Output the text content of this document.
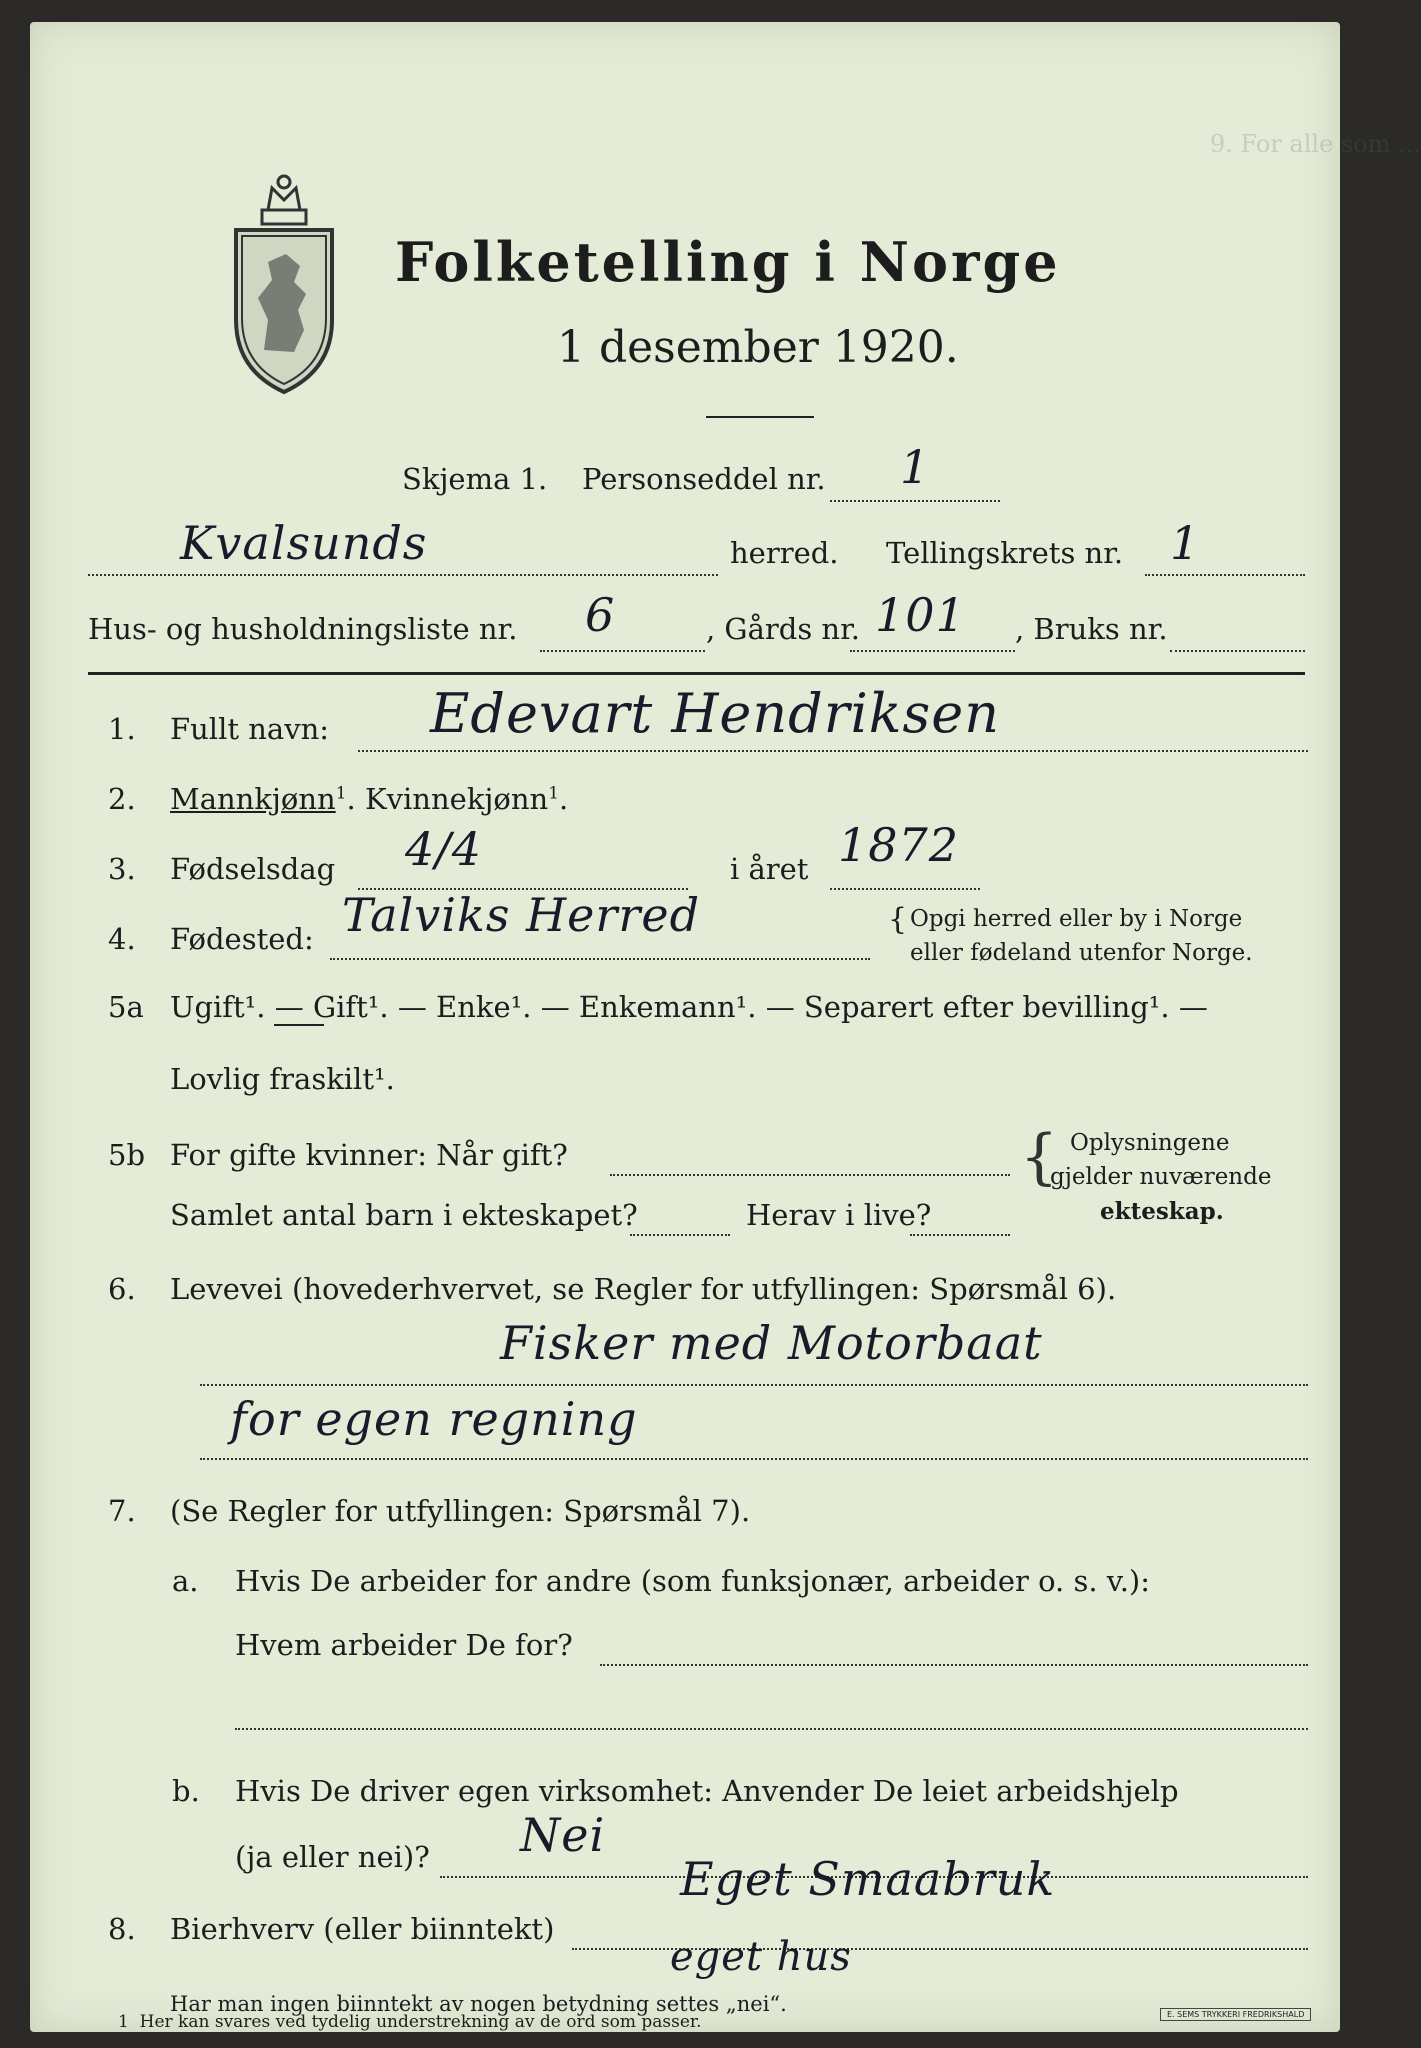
9. For alle som ...
Folketelling i Norge
1 desember 1920.
Skjema 1. Personseddel nr. 1
Kvalsunds	herred. Tellingskrets nr. 1
Hus- og husholdningsliste nr. 6	, Gårds nr. 101 , Bruks nr.
1. Fullt navn: Edevart Hendriksen
2. Mannkjønn$^1$. Kvinnekjønn$^1$.
3. Fødselsdag 4/4	i året 1872
4. Fødested: Talviks Herred	{ Opgi herred eller by i Norge
eller fødeland utenfor Norge.
5a Ugift¹. — Gift¹. — Enke¹. — Enkemann¹. — Separert efter bevilling¹. —
Lovlig fraskilt¹.
5b For gifte kvinner: Når gift?
Samlet antal barn i ekteskapet?	Herav i live?
{ Oplysningene
gjelder nuværende
ekteskap.
6. Levevei (hovederhvervet, se Regler for utfyllingen: Spørsmål 6).
Fisker med Motorbaat
for egen regning
7. (Se Regler for utfyllingen: Spørsmål 7).
a. Hvis De arbeider for andre (som funksjonær, arbeider o. s. v.):
Hvem arbeider De for?
b. Hvis De driver egen virksomhet: Anvender De leiet arbeidshjelp
(ja eller nei)? Nei
8. Bierhverv (eller biinntekt)
Eget Smaabruk
eget hus
Har man ingen biinntekt av nogen betydning settes „nei“.
1 Her kan svares ved tydelig understrekning av de ord som passer.	E. SEMS TRYKKERI FREDRIKSHALD
